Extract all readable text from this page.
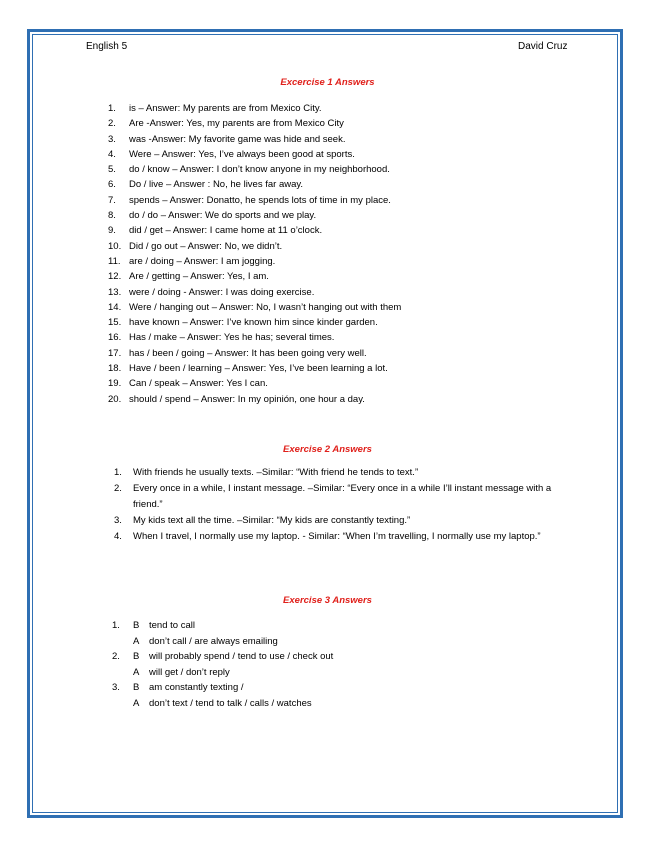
English 5	David Cruz
Excercise 1 Answers
1. is – Answer: My parents are from Mexico City.
2. Are -Answer: Yes, my parents are from Mexico City
3. was -Answer: My favorite game was hide and seek.
4. Were – Answer: Yes, I’ve always been good at sports.
5. do / know – Answer: I don’t know anyone in my neighborhood.
6. Do / live – Answer : No, he lives far away.
7. spends – Answer: Donatto, he spends lots of time in my place.
8. do / do – Answer: We do sports and we play.
9. did / get – Answer: I came home at 11 o’clock.
10. Did / go out – Answer: No, we didn’t.
11. are / doing – Answer: I am jogging.
12. Are / getting – Answer: Yes, I am.
13. were / doing - Answer: I was doing exercise.
14. Were / hanging out – Answer: No, I wasn’t hanging out with them
15. have known – Answer: I’ve known him since kinder garden.
16. Has / make – Answer: Yes he has; several times.
17. has / been / going – Answer: It has been going very well.
18. Have / been / learning – Answer: Yes, I’ve been learning a lot.
19. Can / speak – Answer: Yes I can.
20. should / spend – Answer: In my opinión, one hour a day.
Exercise 2 Answers
1. With friends he usually texts. –Similar: “With friend he tends to text.”
2. Every once in a while, I instant message. –Similar: “Every once in a while I’ll instant message with a friend.”
3. My kids text all the time. –Similar: “My kids are constantly texting.”
4. When I travel, I normally use my laptop. - Similar: “When I’m travelling, I normally use my laptop.”
Exercise 3 Answers
1. B tend to call
A don’t call / are always emailing
2. B will probably spend / tend to use / check out
A will get / don’t reply
3. B am constantly texting /
A don’t text / tend to talk / calls / watches
